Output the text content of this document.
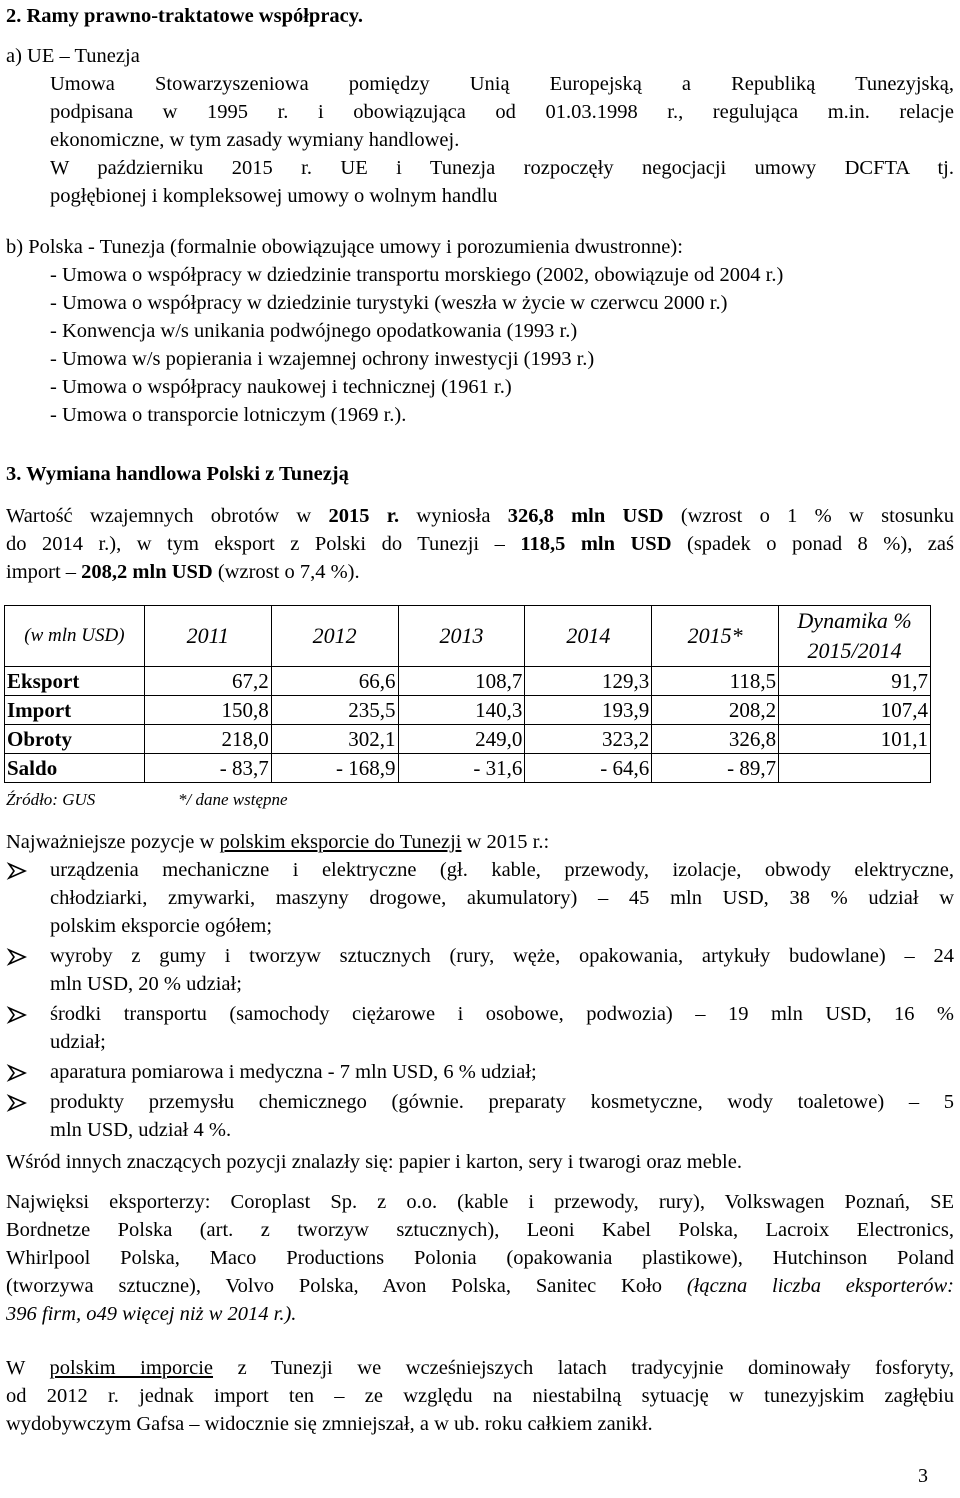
2. Ramy prawno-traktatowe współpracy.
a) UE – Tunezja
Umowa Stowarzyszeniowa pomiędzy Unią Europejską a Republiką Tunezyjską,
podpisana w 1995 r. i obowiązująca od 01.03.1998 r., regulująca m.in. relacje
ekonomiczne, w tym zasady wymiany handlowej.
W październiku 2015 r. UE i Tunezja rozpoczęły negocjacji umowy DCFTA tj.
pogłębionej i kompleksowej umowy o wolnym handlu
b) Polska - Tunezja (formalnie obowiązujące umowy i porozumienia dwustronne):
- Umowa o współpracy w dziedzinie transportu morskiego (2002, obowiązuje od 2004 r.)
- Umowa o współpracy w dziedzinie turystyki (weszła w życie w czerwcu 2000 r.)
- Konwencja w/s unikania podwójnego opodatkowania (1993 r.)
- Umowa w/s popierania i wzajemnej ochrony inwestycji (1993 r.)
- Umowa o współpracy naukowej i technicznej (1961 r.)
- Umowa o transporcie lotniczym (1969 r.).
3. Wymiana handlowa Polski z Tunezją
Wartość wzajemnych obrotów w 2015 r. wyniosła 326,8 mln USD (wzrost o 1 % w stosunku
do 2014 r.), w tym eksport z Polski do Tunezji – 118,5 mln USD (spadek o ponad 8 %), zaś
import – 208,2 mln USD (wzrost o 7,4 %).
(w mln USD)	2011	2012	2013	2014	2015*	Dynamika %
2015/2014

Eksport	67,2	66,6	108,7	129,3	118,5	91,7
Import	150,8	235,5	140,3	193,9	208,2	107,4
Obroty	218,0	302,1	249,0	323,2	326,8	101,1
Saldo	- 83,7	- 168,9	- 31,6	- 64,6	- 89,7	
Źródło: GUS	*/ dane wstępne
Najważniejsze pozycje w polskim eksporcie do Tunezji w 2015 r.:
urządzenia mechaniczne i elektryczne (gł. kable, przewody, izolacje, obwody elektryczne,
chłodziarki, zmywarki, maszyny drogowe, akumulatory) – 45 mln USD, 38 % udział w
polskim eksporcie ogółem;
wyroby z gumy i tworzyw sztucznych (rury, węże, opakowania, artykuły budowlane) – 24
mln USD, 20 % udział;
środki transportu (samochody ciężarowe i osobowe, podwozia) – 19 mln USD, 16 %
udział;
aparatura pomiarowa i medyczna - 7 mln USD, 6 % udział;
produkty przemysłu chemicznego (gównie. preparaty kosmetyczne, wody toaletowe) – 5
mln USD, udział 4 %.
Wśród innych znaczących pozycji znalazły się: papier i karton, sery i twarogi oraz meble.
Najwięksi eksporterzy: Coroplast Sp. z o.o. (kable i przewody, rury), Volkswagen Poznań, SE
Bordnetze Polska (art. z tworzyw sztucznych), Leoni Kabel Polska, Lacroix Electronics,
Whirlpool Polska, Maco Productions Polonia (opakowania plastikowe), Hutchinson Poland
(tworzywa sztuczne), Volvo Polska, Avon Polska, Sanitec Koło (łączna liczba eksporterów:
396 firm, o49 więcej niż w 2014 r.).
W polskim imporcie z Tunezji we wcześniejszych latach tradycyjnie dominowały fosforyty,
od 2012 r. jednak import ten – ze względu na niestabilną sytuację w tunezyjskim zagłębiu
wydobywczym Gafsa – widocznie się zmniejszał, a w ub. roku całkiem zanikł.
3
